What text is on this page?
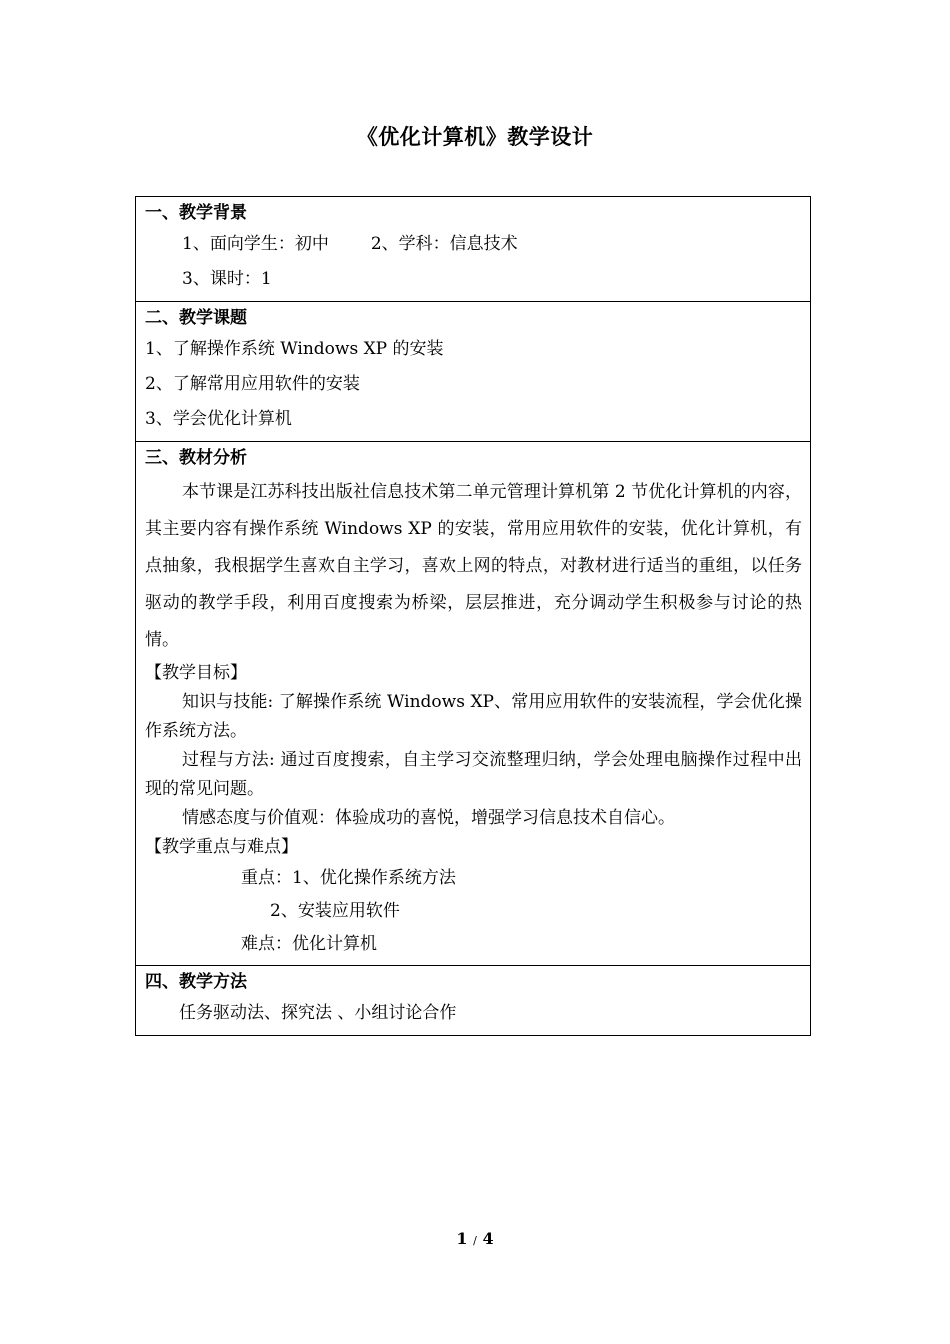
《优化计算机》教学设计
一、教学背景
1、面向学生：初中 2、学科：信息技术
3、课时：1
二、教学课题
1、了解操作系统 Windows XP 的安装
2、了解常用应用软件的安装
3、学会优化计算机
三、教材分析
本节课是江苏科技出版社信息技术第二单元管理计算机第 2 节优化计算机的内容，其主要内容有操作系统 Windows XP 的安装，常用应用软件的安装，优化计算机，有点抽象，我根据学生喜欢自主学习，喜欢上网的特点，对教材进行适当的重组，以任务驱动的教学手段，利用百度搜索为桥梁，层层推进，充分调动学生积极参与讨论的热情。
【教学目标】
知识与技能: 了解操作系统 Windows XP、常用应用软件的安装流程，学会优化操作系统方法。
过程与方法: 通过百度搜索，自主学习交流整理归纳，学会处理电脑操作过程中出现的常见问题。
情感态度与价值观：体验成功的喜悦，增强学习信息技术自信心。
【教学重点与难点】
重点：1、优化操作系统方法
2、安装应用软件
难点：优化计算机
四、教学方法
任务驱动法、探究法 、小组讨论合作
1 / 4
